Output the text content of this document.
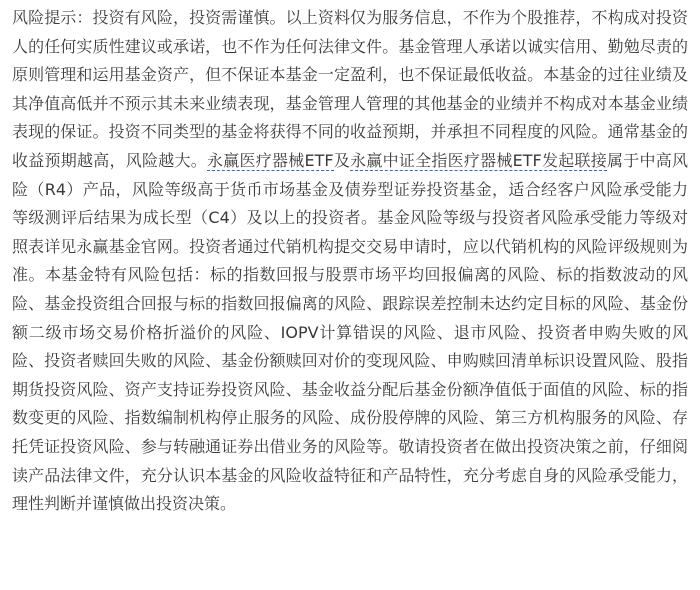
风险提示：投资有风险，投资需谨慎。以上资料仅为服务信息，不作为个股推荐，不构成对投资人的任何实质性建议或承诺，也不作为任何法律文件。基金管理人承诺以诚实信用、勤勉尽责的原则管理和运用基金资产，但不保证本基金一定盈利，也不保证最低收益。本基金的过往业绩及其净值高低并不预示其未来业绩表现，基金管理人管理的其他基金的业绩并不构成对本基金业绩表现的保证。投资不同类型的基金将获得不同的收益预期，并承担不同程度的风险。通常基金的收益预期越高，风险越大。永赢医疗器械ETF及永赢中证全指医疗器械ETF发起联接属于中高风险（R4）产品，风险等级高于货币市场基金及债券型证券投资基金，适合经客户风险承受能力等级测评后结果为成长型（C4）及以上的投资者。基金风险等级与投资者风险承受能力等级对照表详见永赢基金官网。投资者通过代销机构提交交易申请时，应以代销机构的风险评级规则为准。本基金特有风险包括：标的指数回报与股票市场平均回报偏离的风险、标的指数波动的风险、基金投资组合回报与标的指数回报偏离的风险、跟踪误差控制未达约定目标的风险、基金份额二级市场交易价格折溢价的风险、IOPV计算错误的风险、退市风险、投资者申购失败的风险、投资者赎回失败的风险、基金份额赎回对价的变现风险、申购赎回清单标识设置风险、股指期货投资风险、资产支持证券投资风险、基金收益分配后基金份额净值低于面值的风险、标的指数变更的风险、指数编制机构停止服务的风险、成份股停牌的风险、第三方机构服务的风险、存托凭证投资风险、参与转融通证券出借业务的风险等。敬请投资者在做出投资决策之前，仔细阅读产品法律文件，充分认识本基金的风险收益特征和产品特性，充分考虑自身的风险承受能力，理性判断并谨慎做出投资决策。
